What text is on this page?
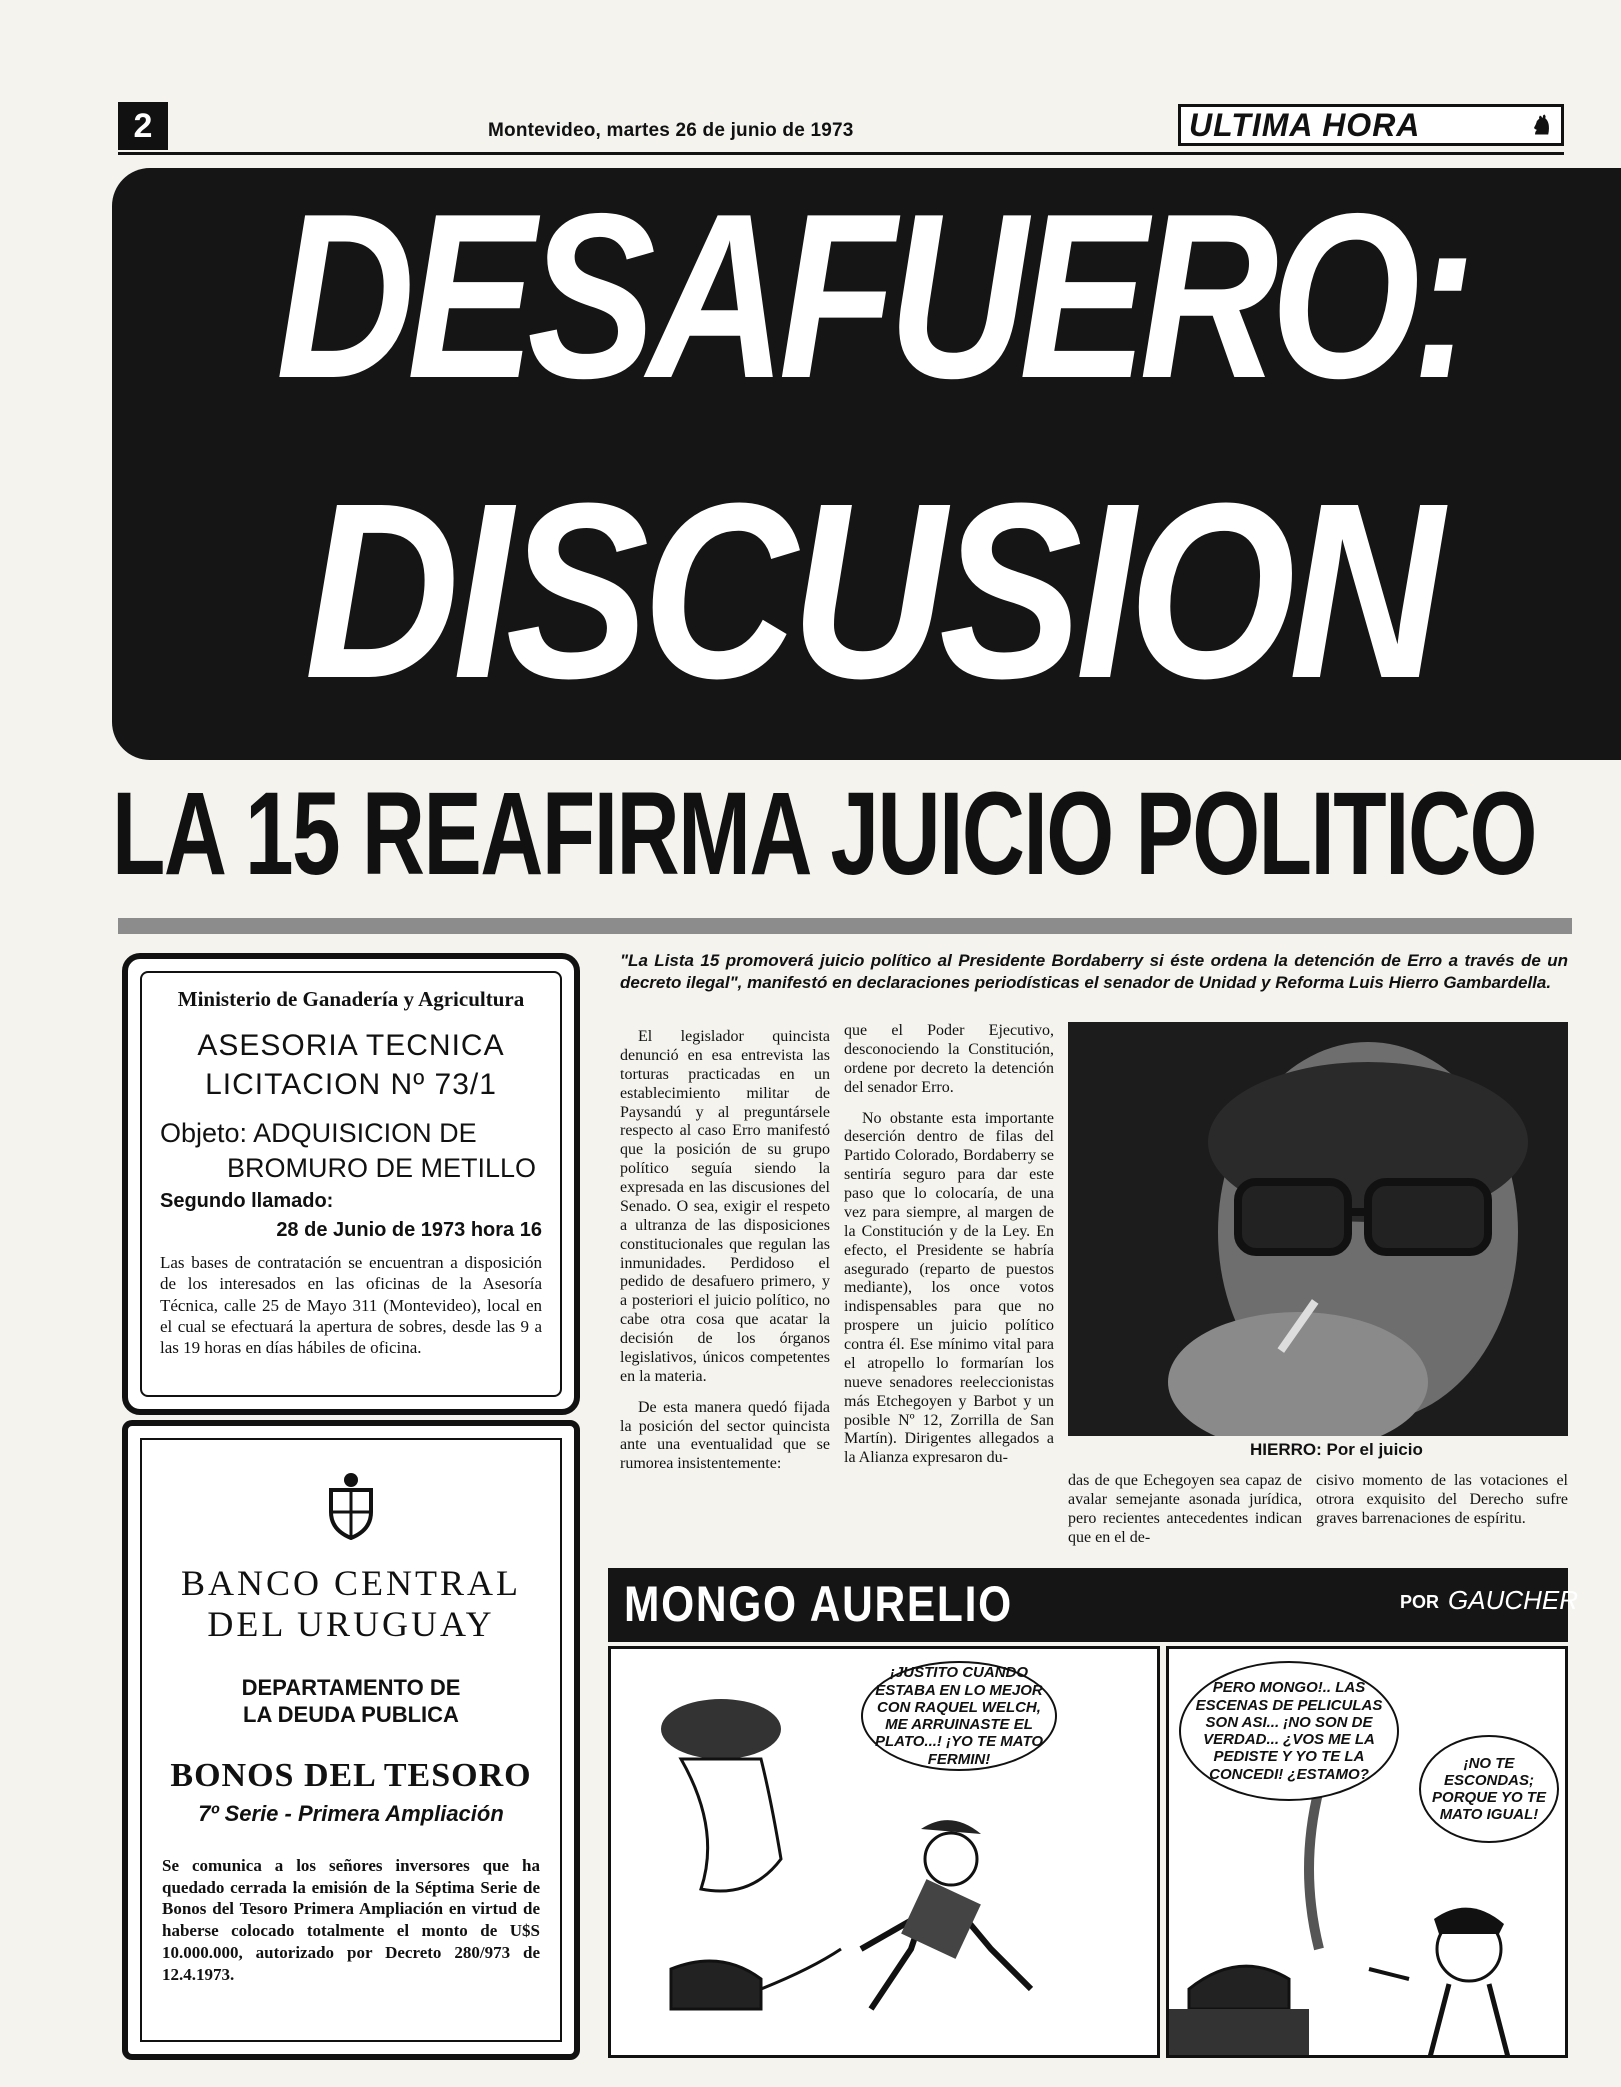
2	Montevideo, martes 26 de junio de 1973	ULTIMA HORA	♞
DESAFUERO:
DISCUSION
LA 15 REAFIRMA JUICIO POLITICO
Ministerio de Ganadería y Agricultura
ASESORIA TECNICA
LICITACION Nº 73/1
Objeto: ADQUISICION DE
BROMURO DE METILLO
Segundo llamado:
28 de Junio de 1973 hora 16
Las bases de contratación se encuentran a disposición de los interesados en las oficinas de la Asesoría Técnica, calle 25 de Mayo 311 (Montevideo), local en el cual se efectuará la apertura de sobres, desde las 9 a las 19 horas en días hábiles de oficina.
BANCO CENTRAL
DEL URUGUAY
DEPARTAMENTO DE
LA DEUDA PUBLICA
BONOS DEL TESORO
7º Serie - Primera Ampliación
Se comunica a los señores inversores que ha quedado cerrada la emisión de la Séptima Serie de Bonos del Tesoro Primera Ampliación en virtud de haberse colocado totalmente el monto de U$S 10.000.000, autorizado por Decreto 280/973 de 12.4.1973.
"La Lista 15 promoverá juicio político al Presidente Bordaberry si éste ordena la detención de Erro a través de un decreto ilegal", manifestó en declaraciones periodísticas el senador de Unidad y Reforma Luis Hierro Gambardella.

El legislador quincista denunció en esa entrevista las torturas practicadas en un establecimiento militar de Paysandú y al preguntársele respecto al caso Erro manifestó que la posición de su grupo político seguía siendo la expresada en las discusiones del Senado. O sea, exigir el respeto a ultranza de las disposiciones constitucionales que regulan las inmunidades. Perdidoso el pedido de desafuero primero, y a posteriori el juicio político, no cabe otra cosa que acatar la decisión de los órganos legislativos, únicos competentes en la materia.

De esta manera quedó fijada la posición del sector quincista ante una eventualidad que se rumorea insistentemente:

que el Poder Ejecutivo, desconociendo la Constitución, ordene por decreto la detención del senador Erro.

No obstante esta importante deserción dentro de filas del Partido Colorado, Bordaberry se sentiría seguro para dar este paso que lo colocaría, de una vez para siempre, al margen de la Constitución y de la Ley. En efecto, el Presidente se habría asegurado (reparto de puestos mediante), los once votos indispensables para que no prospere un juicio político contra él. Ese mínimo vital para el atropello lo formarían los nueve senadores reeleccionistas más Etchegoyen y Barbot y un posible Nº 12, Zorrilla de San Martín). Dirigentes allegados a la Alianza expresaron du-	HIERRO: Por el juicio

das de que Echegoyen sea capaz de avalar semejante asonada jurídica, pero recientes antecedentes indican que en el de-

cisivo momento de las votaciones el otrora exquisito del Derecho sufre graves barrenaciones de espíritu.

MONGO AURELIO	POR GAUCHER
¡JUSTITO CUANDO ESTABA EN LO MEJOR CON RAQUEL WELCH, ME ARRUINASTE EL PLATO...! ¡YO TE MATO FERMIN!
PERO MONGO!.. LAS ESCENAS DE PELICULAS SON ASI... ¡NO SON DE VERDAD... ¿VOS ME LA PEDISTE Y YO TE LA CONCEDI! ¿ESTAMO?
¡NO TE ESCONDAS; PORQUE YO TE MATO IGUAL!
